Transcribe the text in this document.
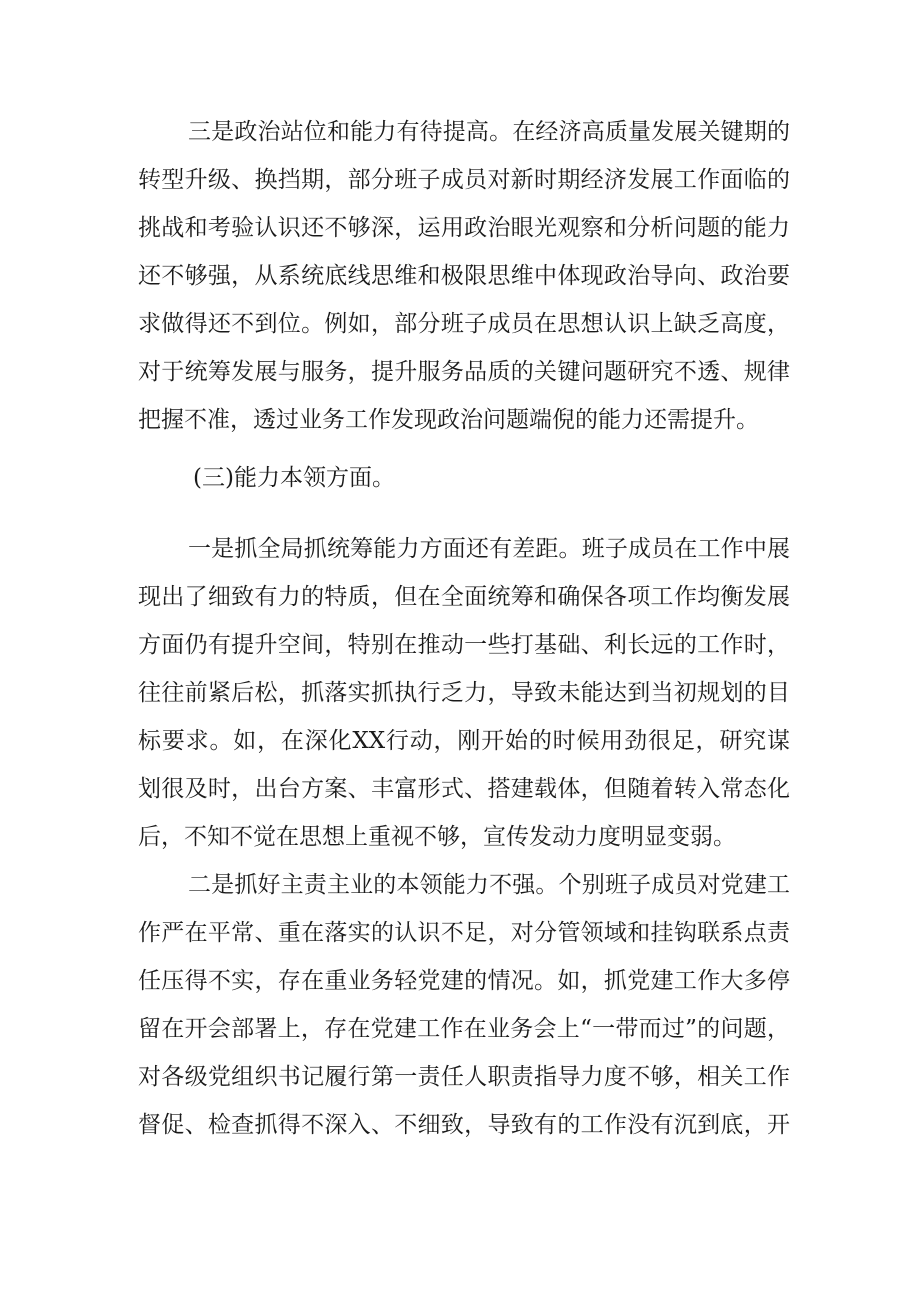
三是政治站位和能力有待提高。在经济高质量发展关键期的
转型升级、换挡期，部分班子成员对新时期经济发展工作面临的
挑战和考验认识还不够深，运用政治眼光观察和分析问题的能力
还不够强，从系统底线思维和极限思维中体现政治导向、政治要
求做得还不到位。例如，部分班子成员在思想认识上缺乏高度，
对于统筹发展与服务，提升服务品质的关键问题研究不透、规律
把握不准，透过业务工作发现政治问题端倪的能力还需提升。
(三)能力本领方面。
一是抓全局抓统筹能力方面还有差距。班子成员在工作中展
现出了细致有力的特质，但在全面统筹和确保各项工作均衡发展
方面仍有提升空间，特别在推动一些打基础、利长远的工作时，
往往前紧后松，抓落实抓执行乏力，导致未能达到当初规划的目
标要求。如，在深化XX行动，刚开始的时候用劲很足，研究谋
划很及时，出台方案、丰富形式、搭建载体，但随着转入常态化
后，不知不觉在思想上重视不够，宣传发动力度明显变弱。
二是抓好主责主业的本领能力不强。个别班子成员对党建工
作严在平常、重在落实的认识不足，对分管领域和挂钩联系点责
任压得不实，存在重业务轻党建的情况。如，抓党建工作大多停
留在开会部署上，存在党建工作在业务会上“一带而过”的问题，
对各级党组织书记履行第一责任人职责指导力度不够，相关工作
督促、检查抓得不深入、不细致，导致有的工作没有沉到底，开
